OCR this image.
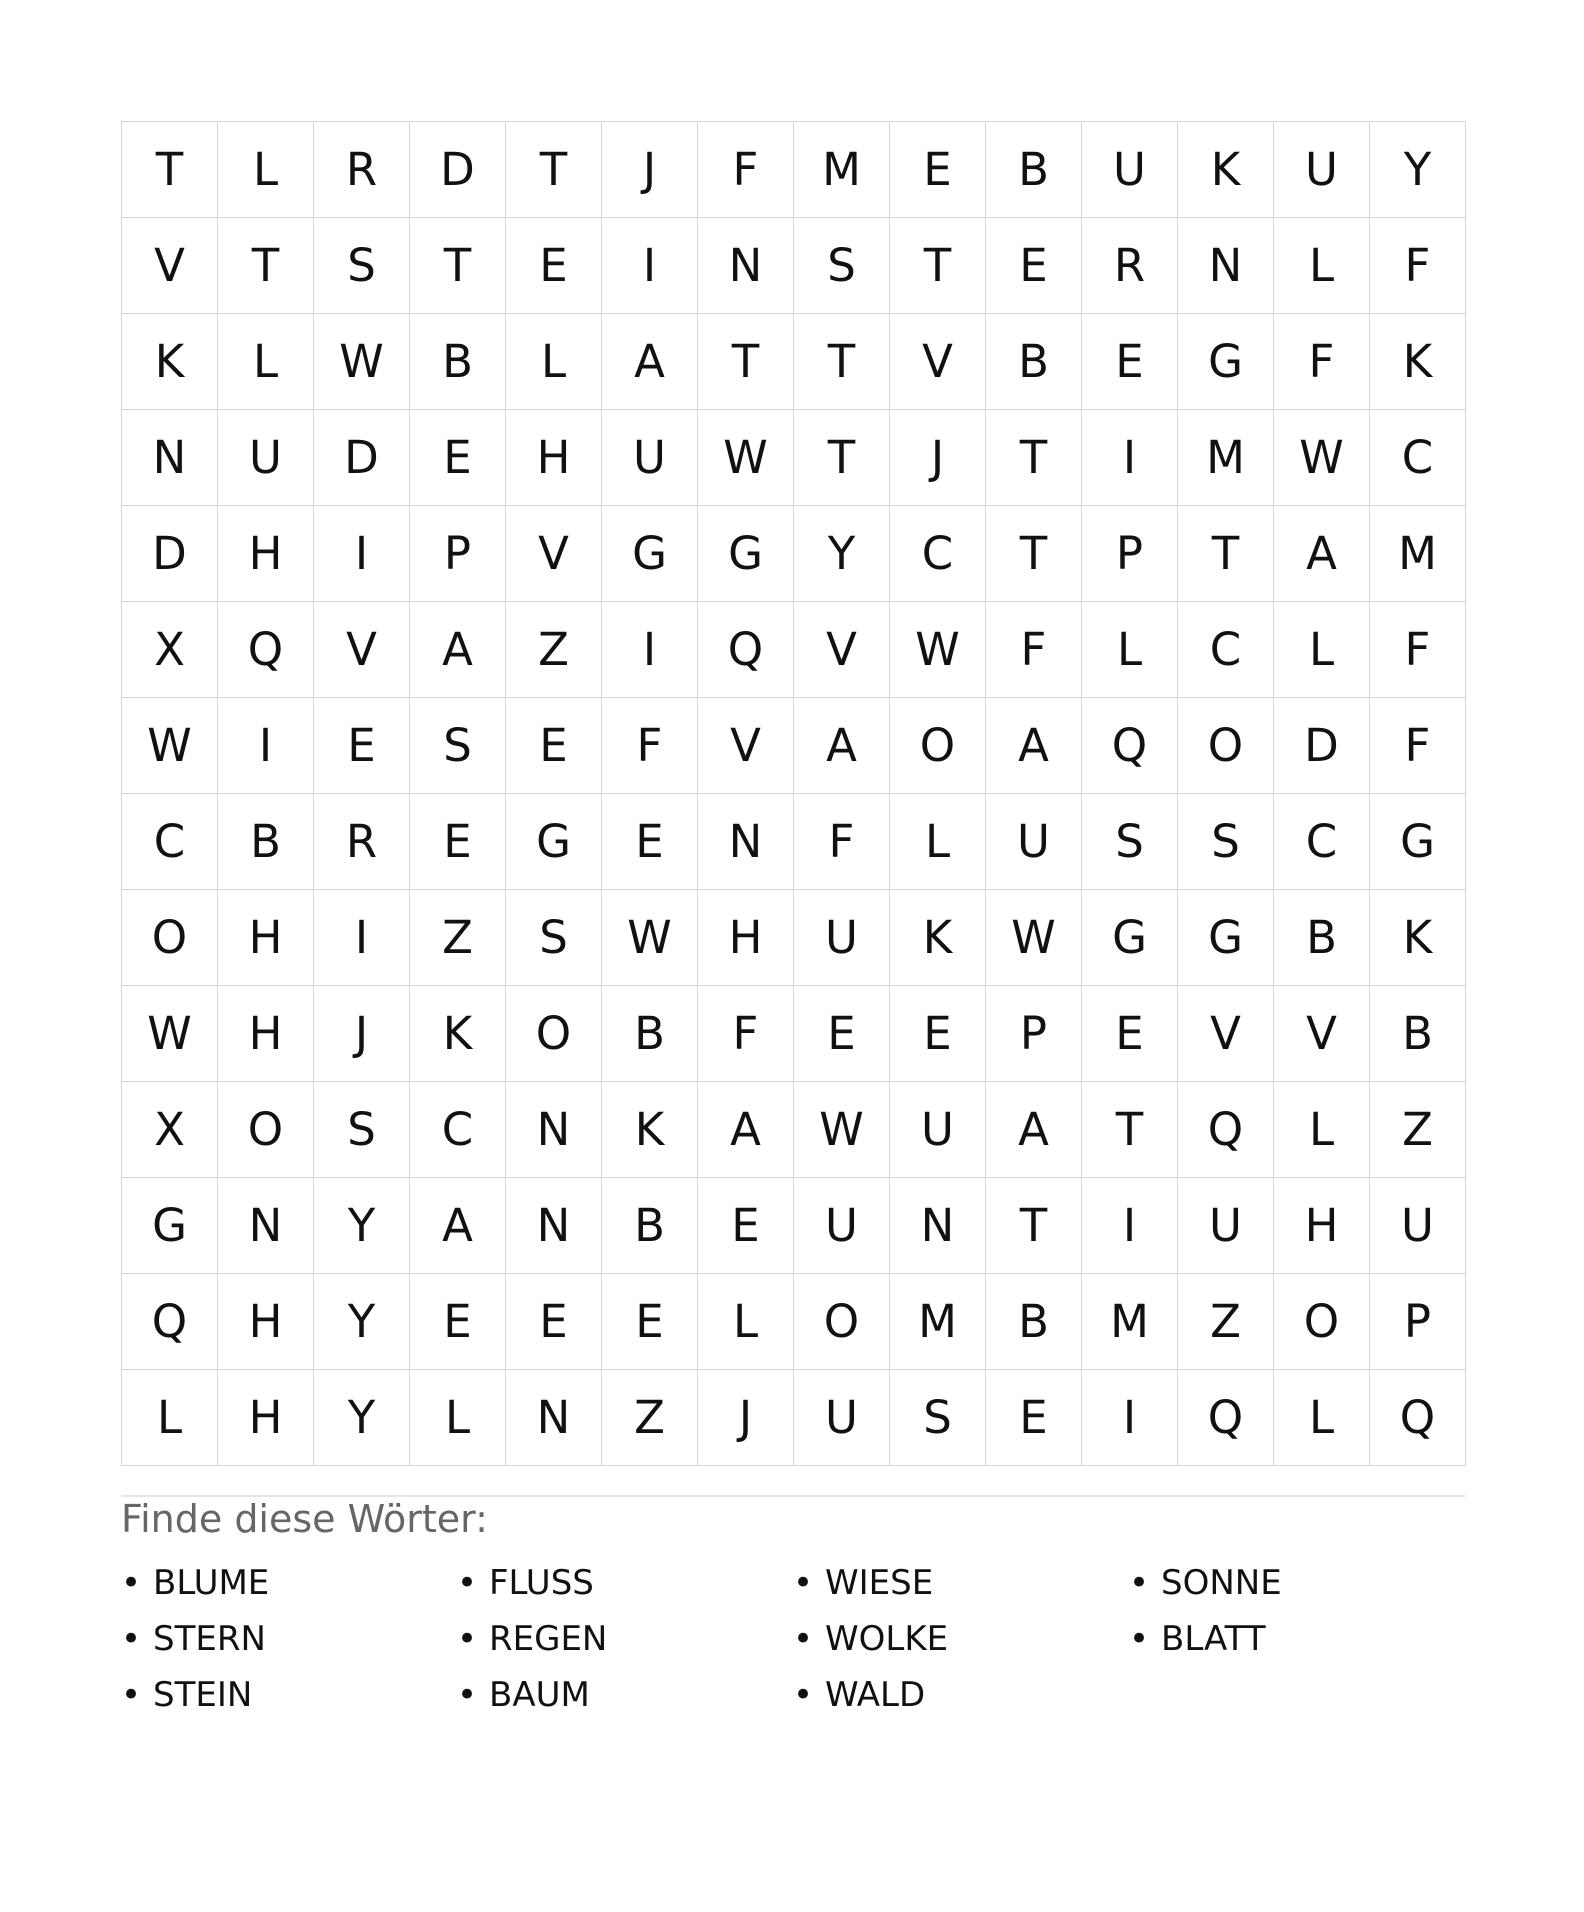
T	L	R	D	T	J	F	M	E	B	U	K	U	Y
V	T	S	T	E	I	N	S	T	E	R	N	L	F
K	L	W	B	L	A	T	T	V	B	E	G	F	K
N	U	D	E	H	U	W	T	J	T	I	M	W	C
D	H	I	P	V	G	G	Y	C	T	P	T	A	M
X	Q	V	A	Z	I	Q	V	W	F	L	C	L	F
W	I	E	S	E	F	V	A	O	A	Q	O	D	F
C	B	R	E	G	E	N	F	L	U	S	S	C	G
O	H	I	Z	S	W	H	U	K	W	G	G	B	K
W	H	J	K	O	B	F	E	E	P	E	V	V	B
X	O	S	C	N	K	A	W	U	A	T	Q	L	Z
G	N	Y	A	N	B	E	U	N	T	I	U	H	U
Q	H	Y	E	E	E	L	O	M	B	M	Z	O	P
L	H	Y	L	N	Z	J	U	S	E	I	Q	L	Q
Finde diese Wörter:
• BLUME	• FLUSS	• WIESE	• SONNE
• STERN	• REGEN	• WOLKE	• BLATT
• STEIN	• BAUM	• WALD
